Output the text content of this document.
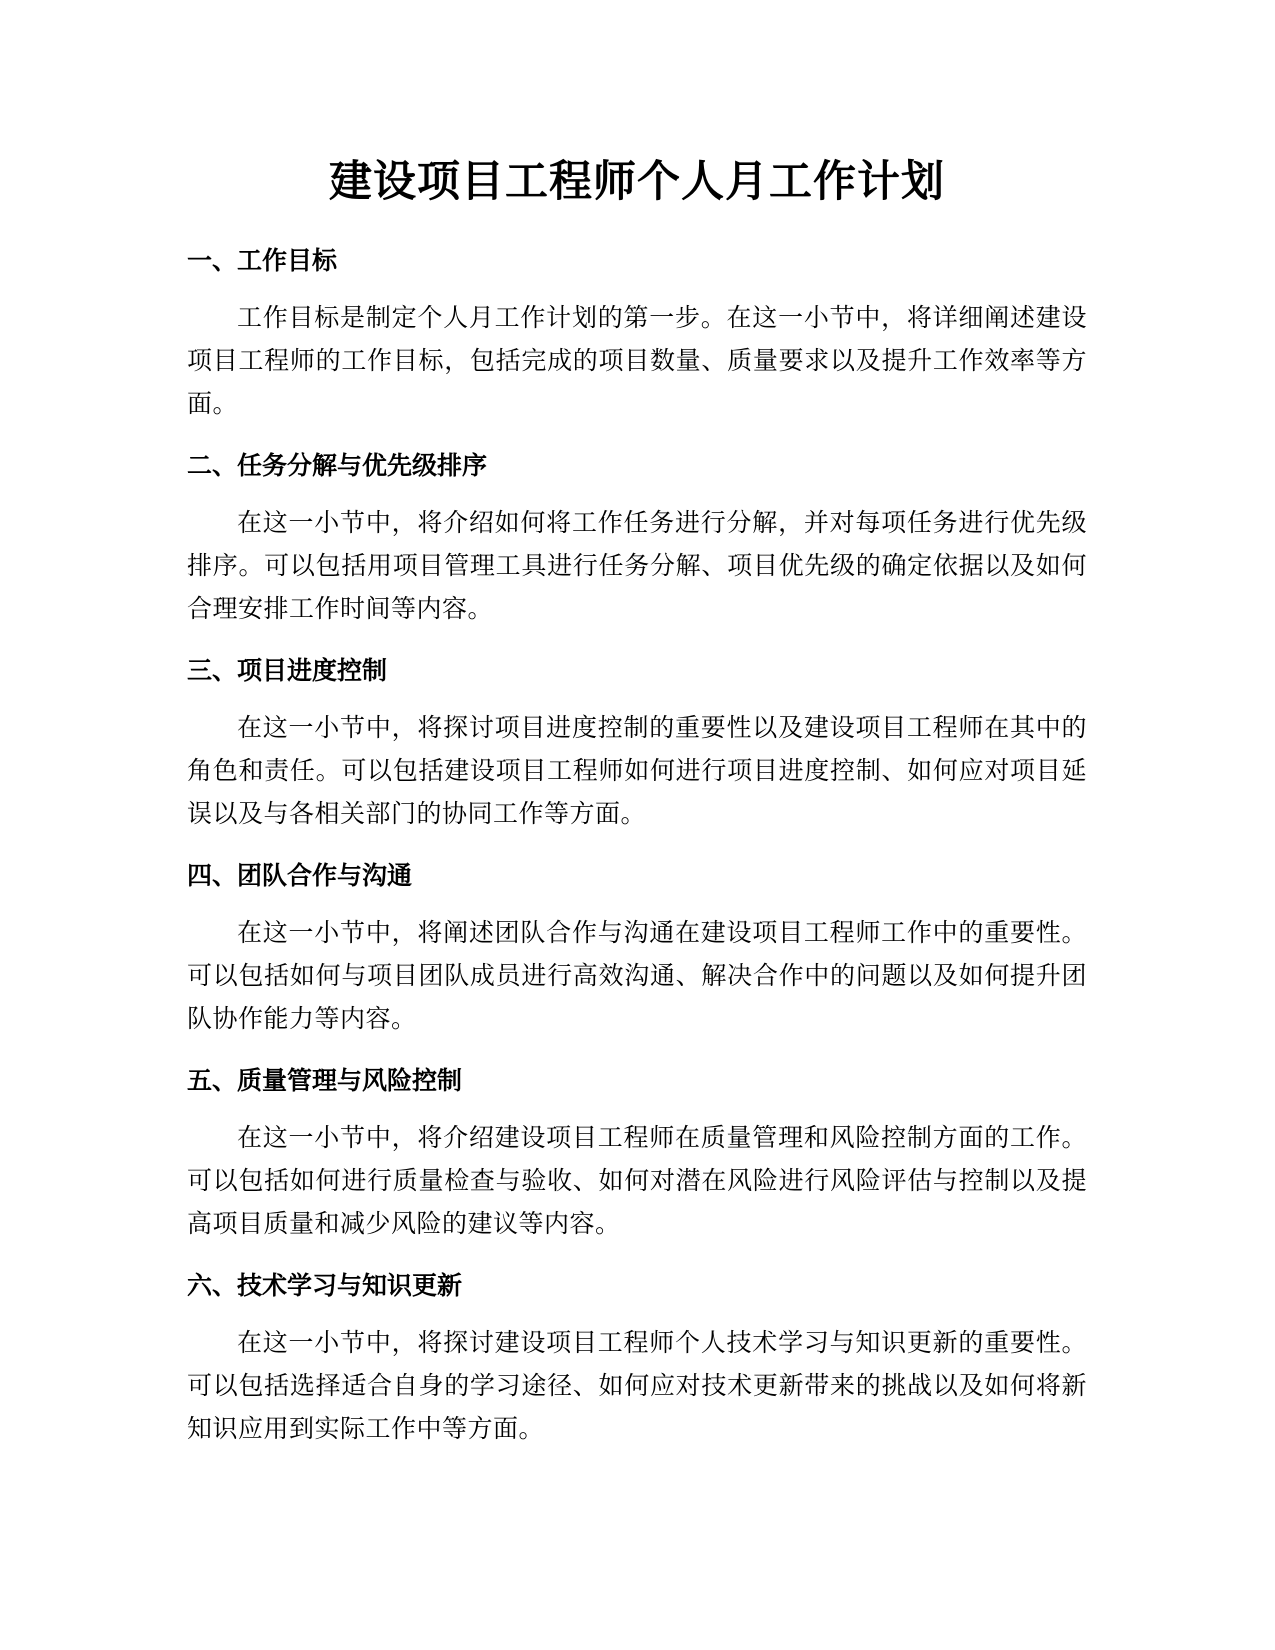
建设项目工程师个人月工作计划
一、工作目标

工作目标是制定个人月工作计划的第一步。在这一小节中，将详细阐述建设项目工程师的工作目标，包括完成的项目数量、质量要求以及提升工作效率等方面。

二、任务分解与优先级排序

在这一小节中，将介绍如何将工作任务进行分解，并对每项任务进行优先级排序。可以包括用项目管理工具进行任务分解、项目优先级的确定依据以及如何合理安排工作时间等内容。

三、项目进度控制

在这一小节中，将探讨项目进度控制的重要性以及建设项目工程师在其中的角色和责任。可以包括建设项目工程师如何进行项目进度控制、如何应对项目延误以及与各相关部门的协同工作等方面。

四、团队合作与沟通

在这一小节中，将阐述团队合作与沟通在建设项目工程师工作中的重要性。可以包括如何与项目团队成员进行高效沟通、解决合作中的问题以及如何提升团队协作能力等内容。

五、质量管理与风险控制

在这一小节中，将介绍建设项目工程师在质量管理和风险控制方面的工作。可以包括如何进行质量检查与验收、如何对潜在风险进行风险评估与控制以及提高项目质量和减少风险的建议等内容。

六、技术学习与知识更新

在这一小节中，将探讨建设项目工程师个人技术学习与知识更新的重要性。可以包括选择适合自身的学习途径、如何应对技术更新带来的挑战以及如何将新知识应用到实际工作中等方面。
